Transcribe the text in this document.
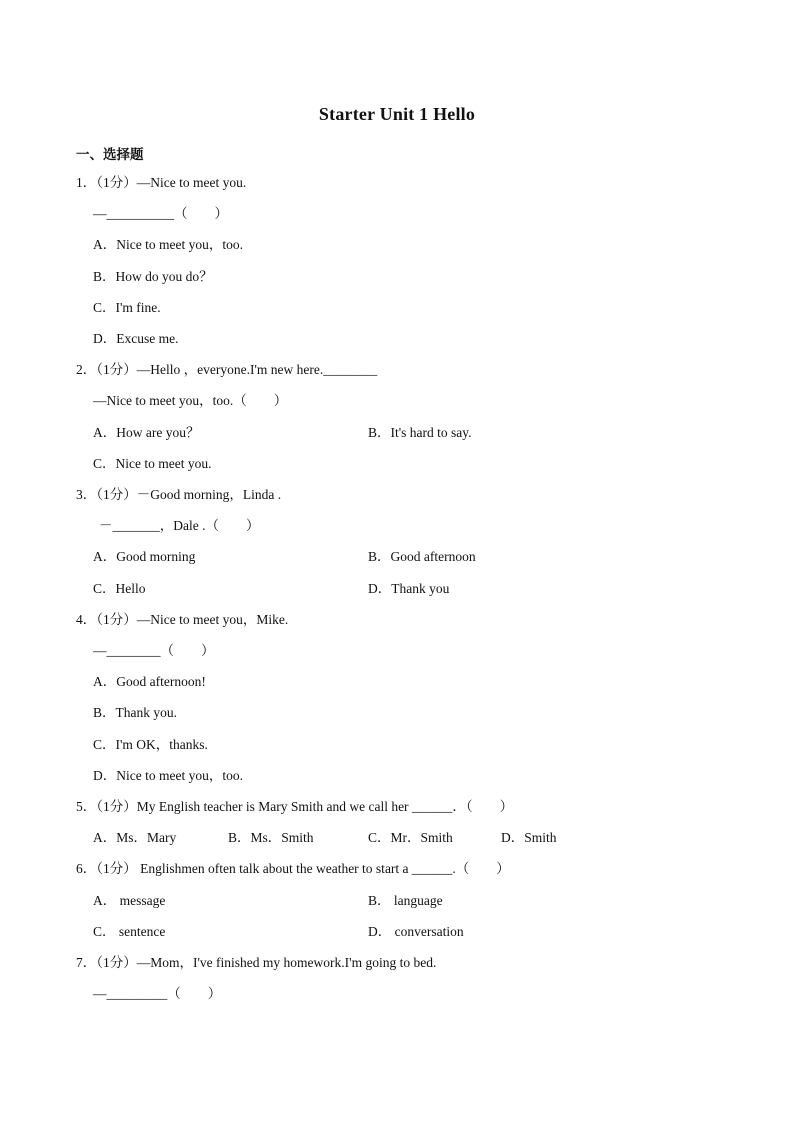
Starter Unit 1 Hello
一、选择题
1．（1分）—Nice to meet you.
—__________（　　）
A．Nice to meet you，too.
B．How do you do？
C．I'm fine.
D．Excuse me.
2．（1分）—Hello ，everyone.I'm new here.________
—Nice to meet you，too.（　　）
A．How are you？	B．It's hard to say.
C．Nice to meet you.
3．（1分）－Good morning，Linda .
－_______，Dale .（　　）
A．Good morning	B．Good afternoon
C．Hello	D．Thank you
4．（1分）—Nice to meet you，Mike.
—________（　　）
A．Good afternoon!
B．Thank you.
C．I'm OK，thanks.
D．Nice to meet you，too.
5．（1分）My English teacher is Mary Smith and we call her ______．（　　）
A．Ms．Mary	B．Ms．Smith	C．Mr．Smith	D．Smith
6．（1分） Englishmen often talk about the weather to start a ______.（　　）
A． message	B． language
C． sentence	D． conversation
7．（1分）—Mom，I've finished my homework.I'm going to bed.
—_________（　　）
